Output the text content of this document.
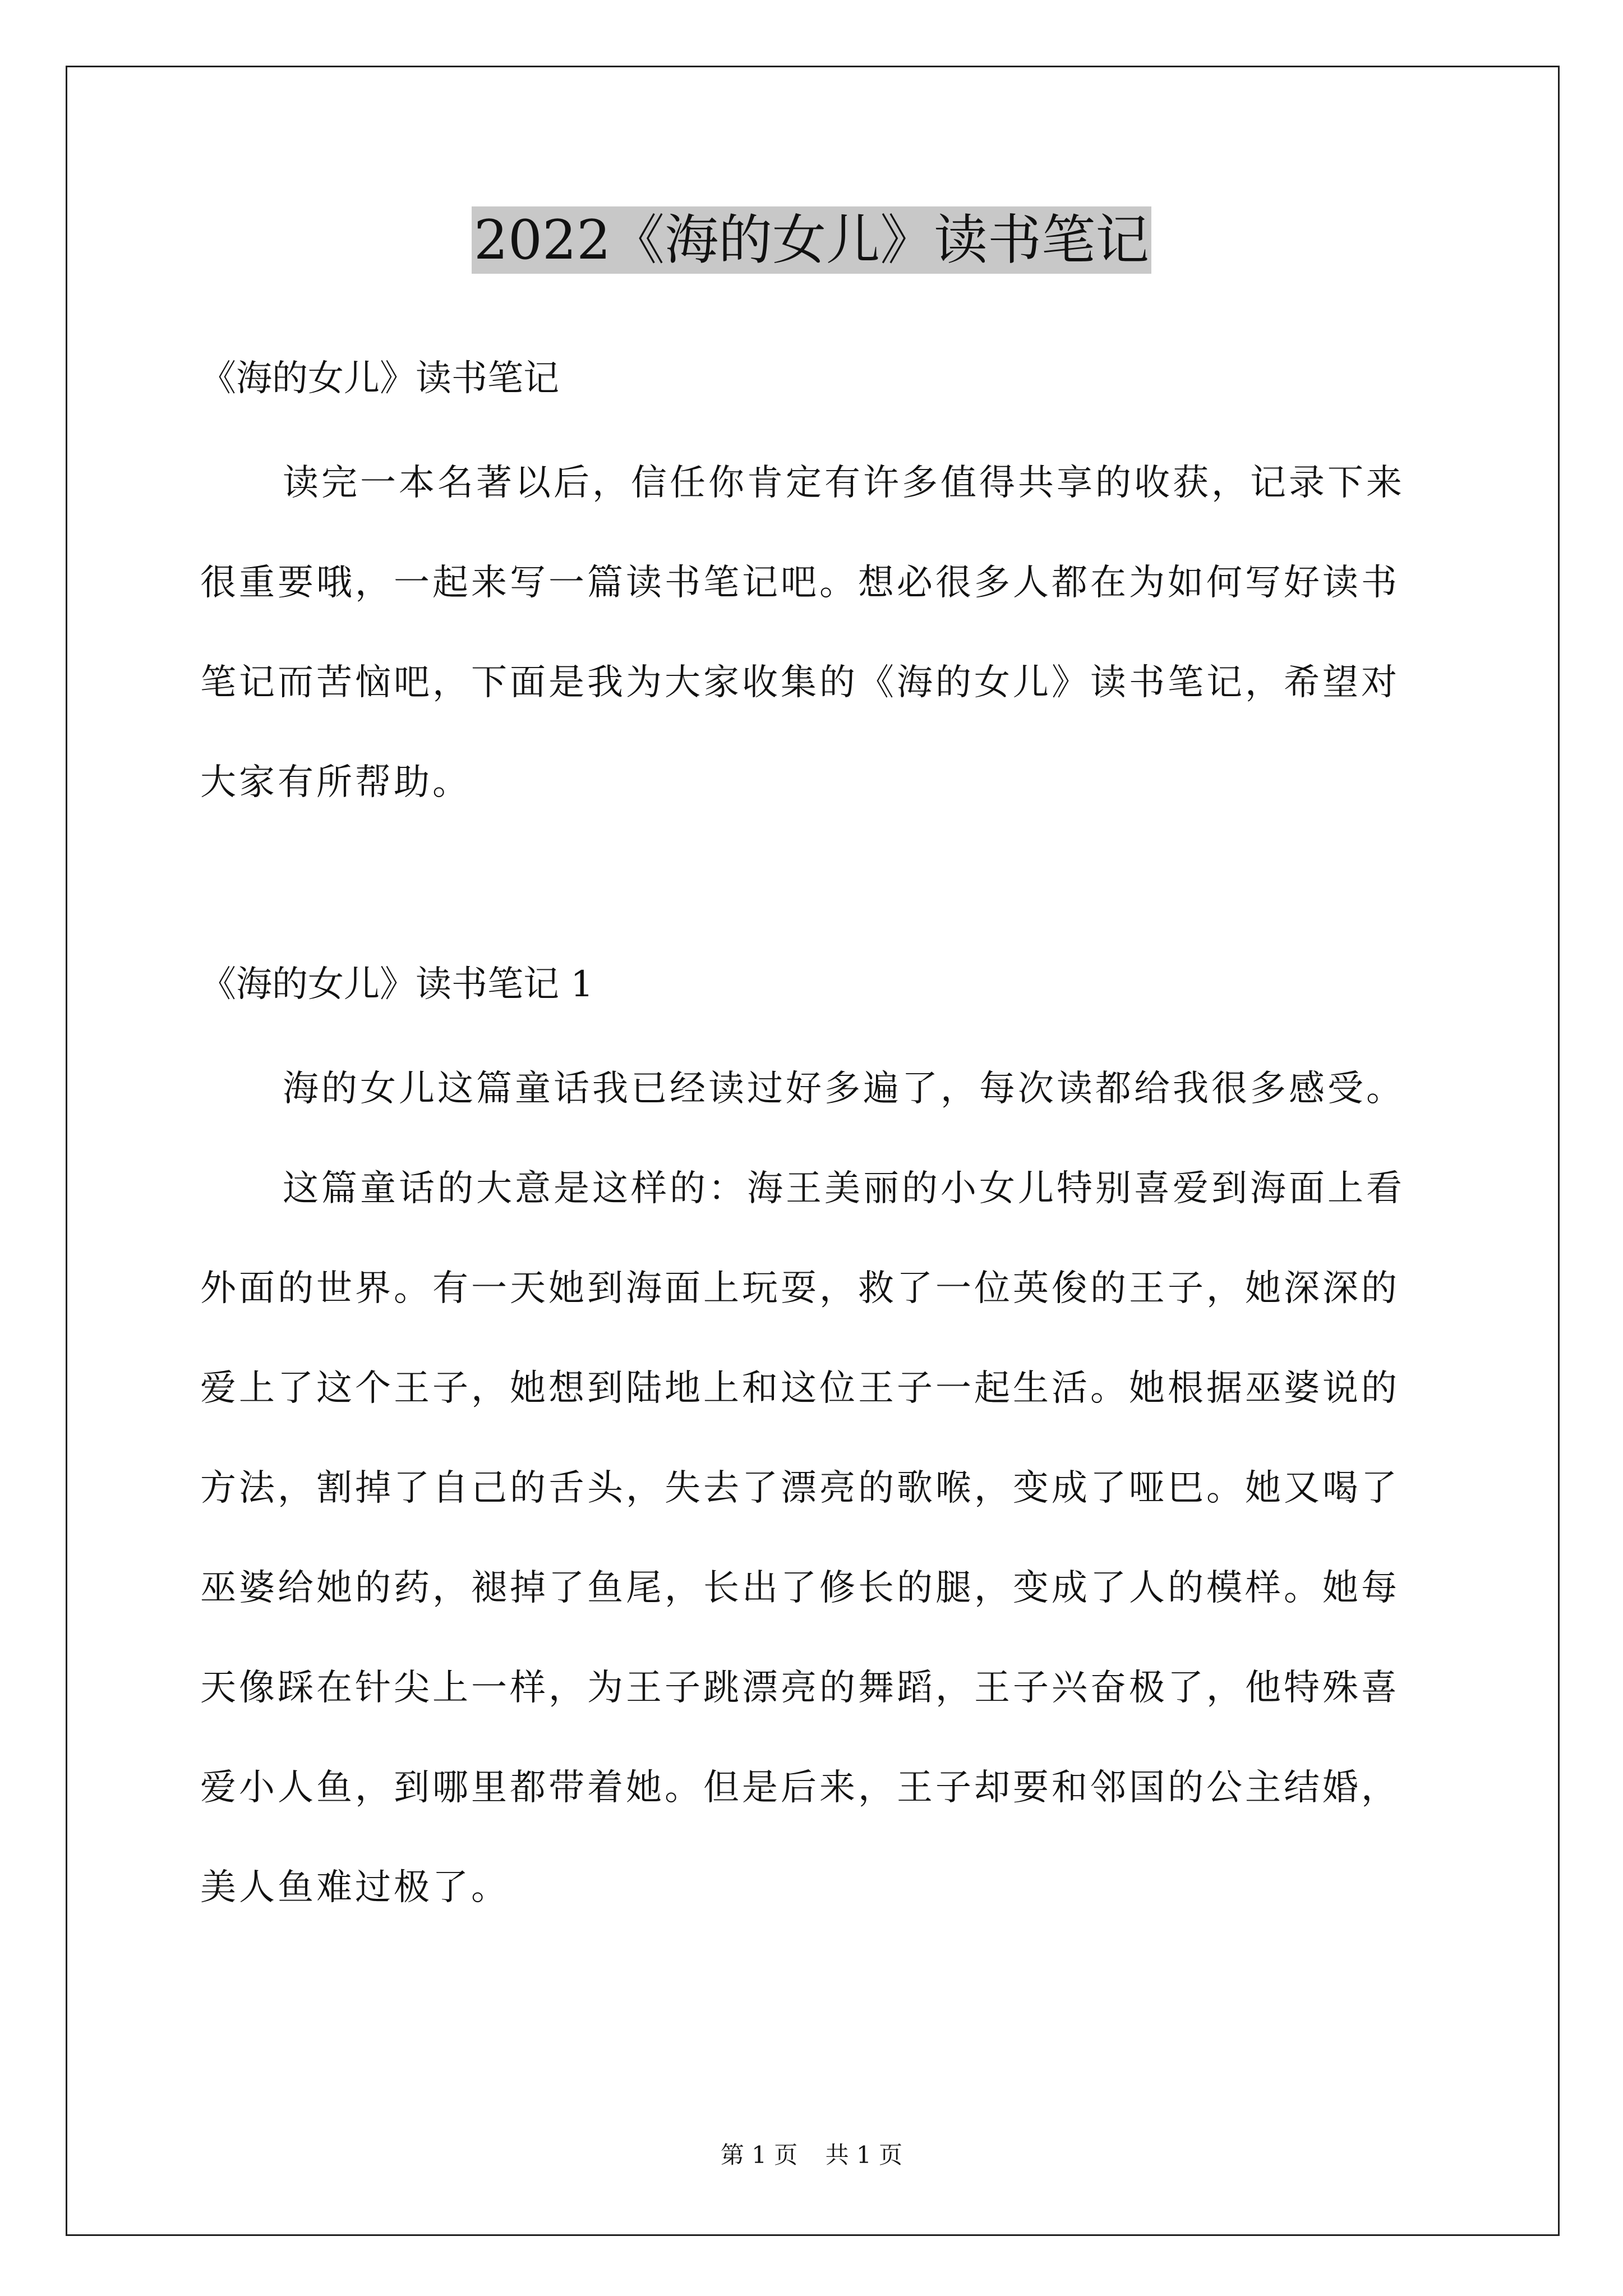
2022《海的女儿》读书笔记

《海的女儿》读书笔记

读完一本名著以后，信任你肯定有许多值得共享的收获，记录下来很重要哦，一起来写一篇读书笔记吧。想必很多人都在为如何写好读书笔记而苦恼吧，下面是我为大家收集的《海的女儿》读书笔记，希望对大家有所帮助。

《海的女儿》读书笔记 1

海的女儿这篇童话我已经读过好多遍了，每次读都给我很多感受。

这篇童话的大意是这样的：海王美丽的小女儿特别喜爱到海面上看外面的世界。有一天她到海面上玩耍，救了一位英俊的王子，她深深的爱上了这个王子，她想到陆地上和这位王子一起生活。她根据巫婆说的方法，割掉了自己的舌头，失去了漂亮的歌喉，变成了哑巴。她又喝了巫婆给她的药，褪掉了鱼尾，长出了修长的腿，变成了人的模样。她每天像踩在针尖上一样，为王子跳漂亮的舞蹈，王子兴奋极了，他特殊喜爱小人鱼，到哪里都带着她。但是后来，王子却要和邻国的公主结婚，美人鱼难过极了。

第 1 页 共 1 页
